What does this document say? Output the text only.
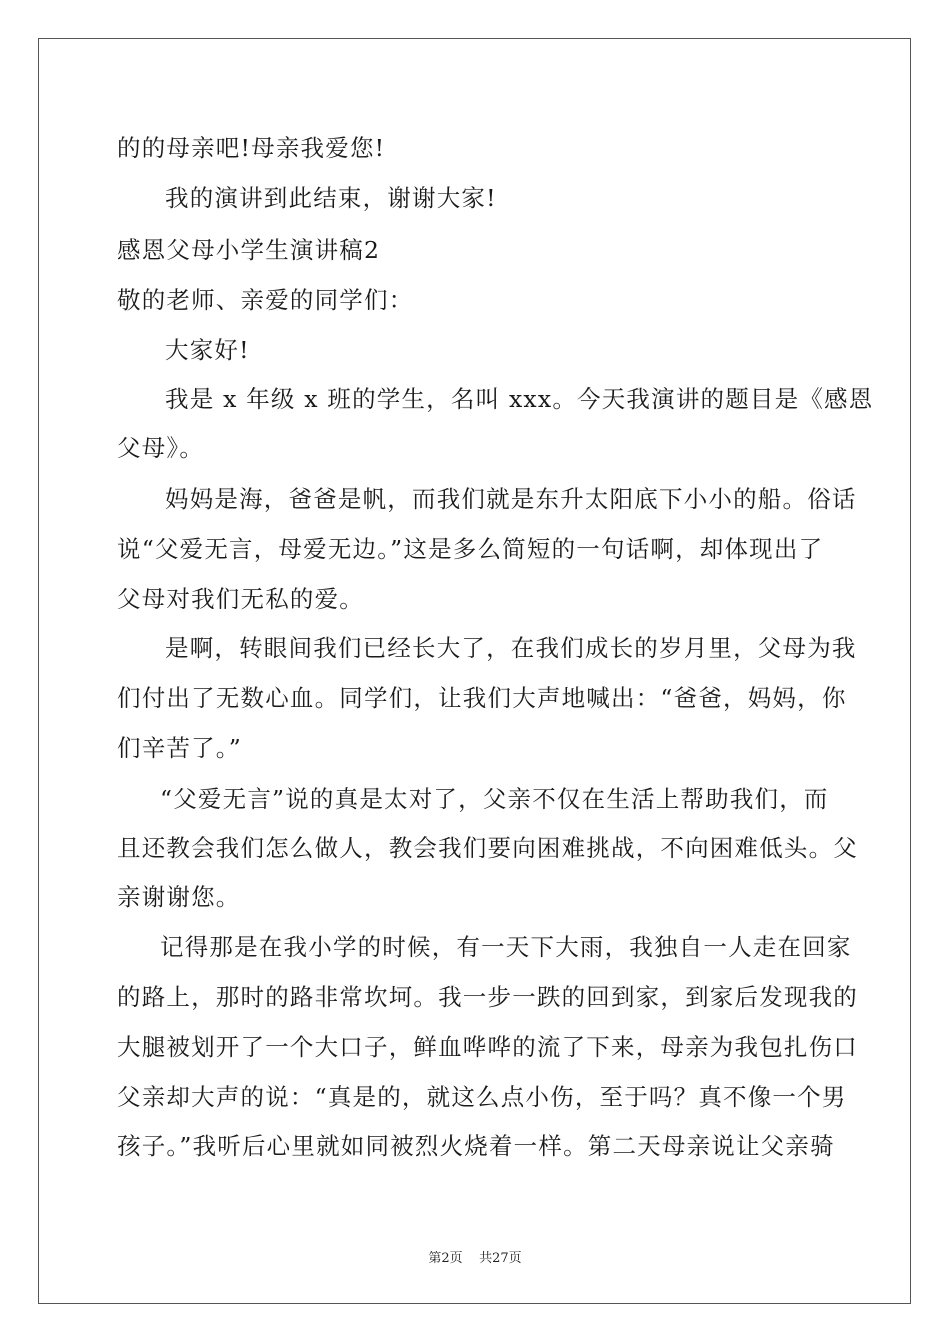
的的母亲吧!母亲我爱您!
我的演讲到此结束，谢谢大家!
感恩父母小学生演讲稿2
敬的老师、亲爱的同学们：
大家好!
我是 x 年级 x 班的学生，名叫 xxx。今天我演讲的题目是《感恩
父母》。
妈妈是海，爸爸是帆，而我们就是东升太阳底下小小的船。俗话
说“父爱无言，母爱无边。”这是多么简短的一句话啊，却体现出了
父母对我们无私的爱。
是啊，转眼间我们已经长大了，在我们成长的岁月里，父母为我
们付出了无数心血。同学们，让我们大声地喊出：“爸爸，妈妈，你
们辛苦了。”
“父爱无言”说的真是太对了，父亲不仅在生活上帮助我们，而
且还教会我们怎么做人，教会我们要向困难挑战，不向困难低头。父
亲谢谢您。
记得那是在我小学的时候，有一天下大雨，我独自一人走在回家
的路上，那时的路非常坎坷。我一步一跌的回到家，到家后发现我的
大腿被划开了一个大口子，鲜血哗哗的流了下来，母亲为我包扎伤口
父亲却大声的说：“真是的，就这么点小伤，至于吗？真不像一个男
孩子。”我听后心里就如同被烈火烧着一样。第二天母亲说让父亲骑
第2页 共27页
